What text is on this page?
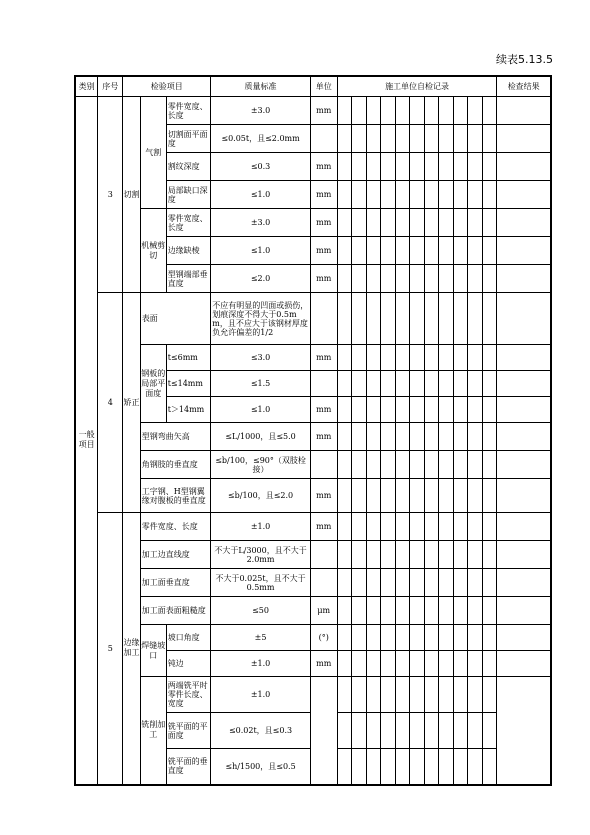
续表5.13.5
类别	序号	检验项目			质量标准	单位	施工单位自检记录											检查结果
一般项目	3	切割	气割	零件宽度、长度	±3.0	mm												
				切割面平面度	≤0.05t，且≤2.0mm													
				割纹深度	≤0.3	mm												
				局部缺口深度	≤1.0	mm												
			机械剪切	零件宽度、长度	±3.0	mm												
				边缘缺棱	≤1.0	mm												
				型钢端部垂直度	≤2.0	mm												
	4	矫正	表面		不应有明显的凹面或损伤，划痕深度不得大于0.5mm，且不应大于该钢材厚度负允许偏差的1/2													
			钢板的局部平面度	t≤6mm	≤3.0	mm												
				t≤14mm	≤1.5													
				t＞14mm	≤1.0	mm												
			型钢弯曲矢高		≤L/1000，且≤5.0	mm												
			角钢肢的垂直度		≤b/100，≤90°（双肢栓接）													
			工字钢、H型钢翼缘对腹板的垂直度		≤b/100，且≤2.0	mm												
	5	边缘加工	零件宽度、长度		±1.0	mm												
			加工边直线度		不大于L/3000，且不大于2.0mm													
			加工面垂直度		不大于0.025t，且不大于0.5mm													
			加工面表面粗糙度		≤50	μm												
			焊缝坡口	坡口角度	±5	(°)												
				钝边	±1.0	mm												
			铣削加工	两端铣平时零件长度、宽度	±1.0													
				铣平面的平面度	≤0.02t，且≤0.3													
				铣平面的垂直度	≤h/1500，且≤0.5													
